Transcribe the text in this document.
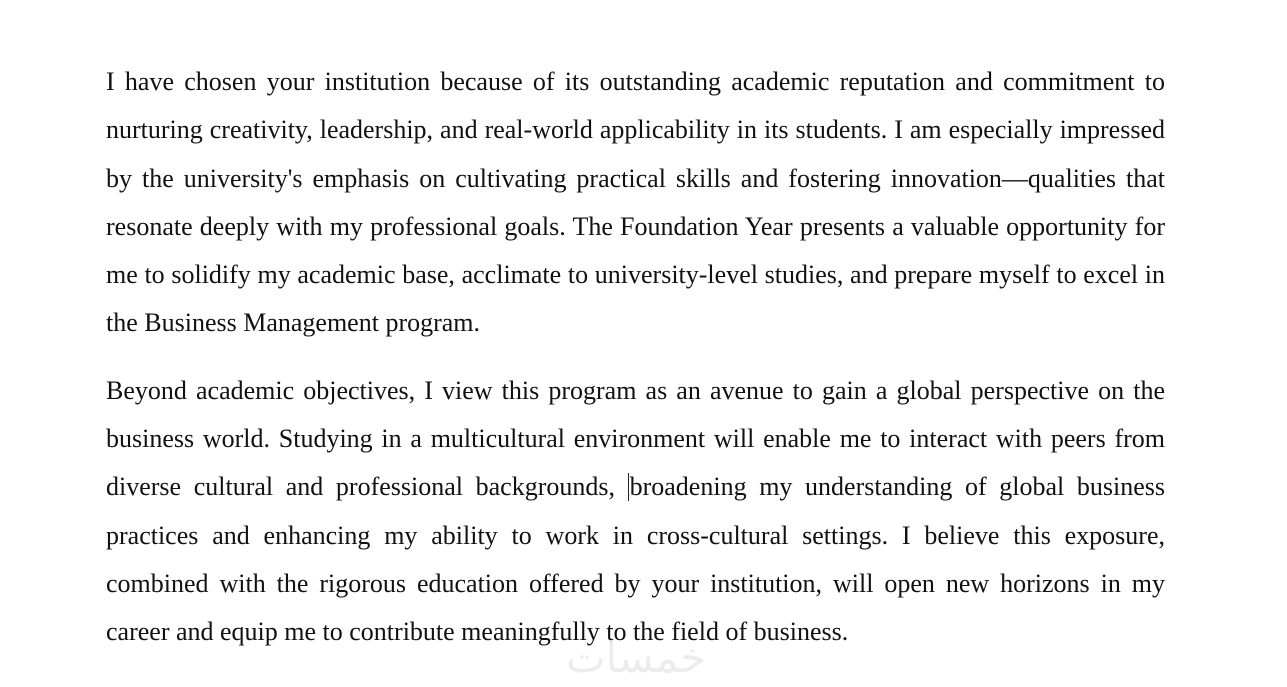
I have chosen your institution because of its outstanding academic reputation and commitment to nurturing creativity, leadership, and real-world applicability in its students. I am especially impressed by the university's emphasis on cultivating practical skills and fostering innovation—qualities that resonate deeply with my professional goals. The Foundation Year presents a valuable opportunity for me to solidify my academic base, acclimate to university-level studies, and prepare myself to excel in the Business Management program.

Beyond academic objectives, I view this program as an avenue to gain a global perspective on the business world. Studying in a multicultural environment will enable me to interact with peers from diverse cultural and professional backgrounds, broadening my understanding of global business practices and enhancing my ability to work in cross-cultural settings. I believe this exposure, combined with the rigorous education offered by your institution, will open new horizons in my career and equip me to contribute meaningfully to the field of business.

خمسات
